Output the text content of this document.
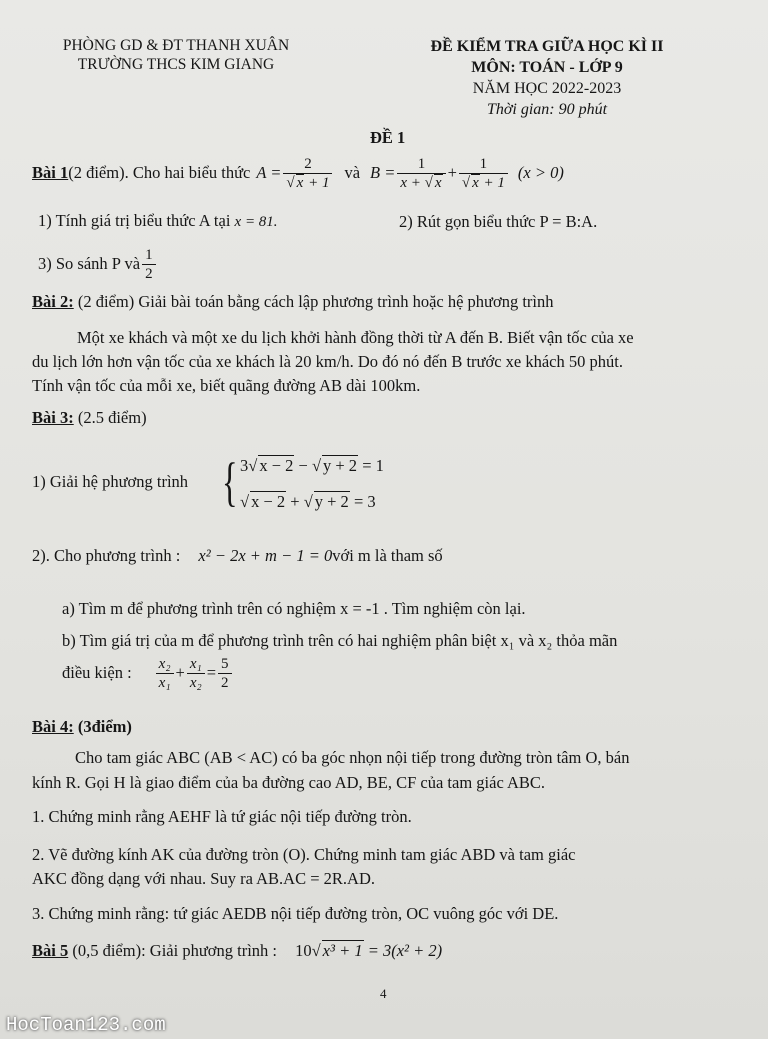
PHÒNG GD & ĐT THANH XUÂN
TRƯỜNG THCS KIM GIANG
ĐỀ KIỂM TRA GIỮA HỌC KÌ II
MÔN: TOÁN - LỚP 9
NĂM HỌC 2022-2023
Thời gian: 90 phút
ĐỀ 1
Bài 1 (2 điểm). Cho hai biểu thức $A = \frac{2}{√ x + 1}$ và $B = \frac{1}{x + √ x} + \frac{1}{√ x + 1} (x > 0)$
1) Tính giá trị biểu thức A tại x = 81.	2) Rút gọn biểu thức P = B:A.
3) So sánh P và $\frac{1}{2}$
Bài 2: (2 điểm) Giải bài toán bằng cách lập phương trình hoặc hệ phương trình
Một xe khách và một xe du lịch khởi hành đồng thời từ A đến B. Biết vận tốc của xe
du lịch lớn hơn vận tốc của xe khách là 20 km/h. Do đó nó đến B trước xe khách 50 phút.
Tính vận tốc của mỗi xe, biết quãng đường AB dài 100km.
Bài 3: (2.5 điểm)
1) Giải hệ phương trình { 3√ x − 2 − √ y + 2 = 1
√ x − 2 + √ y + 2 = 3
2). Cho phương trình : x² − 2x + m − 1 = 0với m là tham số
a) Tìm m để phương trình trên có nghiệm x = -1 . Tìm nghiệm còn lại.
b) Tìm giá trị của m để phương trình trên có hai nghiệm phân biệt x₁ và x₂ thỏa mãn
điều kiện : $\frac{\text{x₂}}{\text{x₁}} + \frac{\text{x₁}}{\text{x₂}} = \frac{5}{2}$
Bài 4: (3điểm)
Cho tam giác ABC (AB < AC) có ba góc nhọn nội tiếp trong đường tròn tâm O, bán
kính R. Gọi H là giao điểm của ba đường cao AD, BE, CF của tam giác ABC.
1. Chứng minh rằng AEHF là tứ giác nội tiếp đường tròn.
2. Vẽ đường kính AK của đường tròn (O). Chứng minh tam giác ABD và tam giác
AKC đồng dạng với nhau. Suy ra AB.AC = 2R.AD.
3. Chứng minh rằng: tứ giác AEDB nội tiếp đường tròn, OC vuông góc với DE.
Bài 5 (0,5 điểm): Giải phương trình : 10√ x³ + 1 = 3(x² + 2)
4
HocToan123.com
